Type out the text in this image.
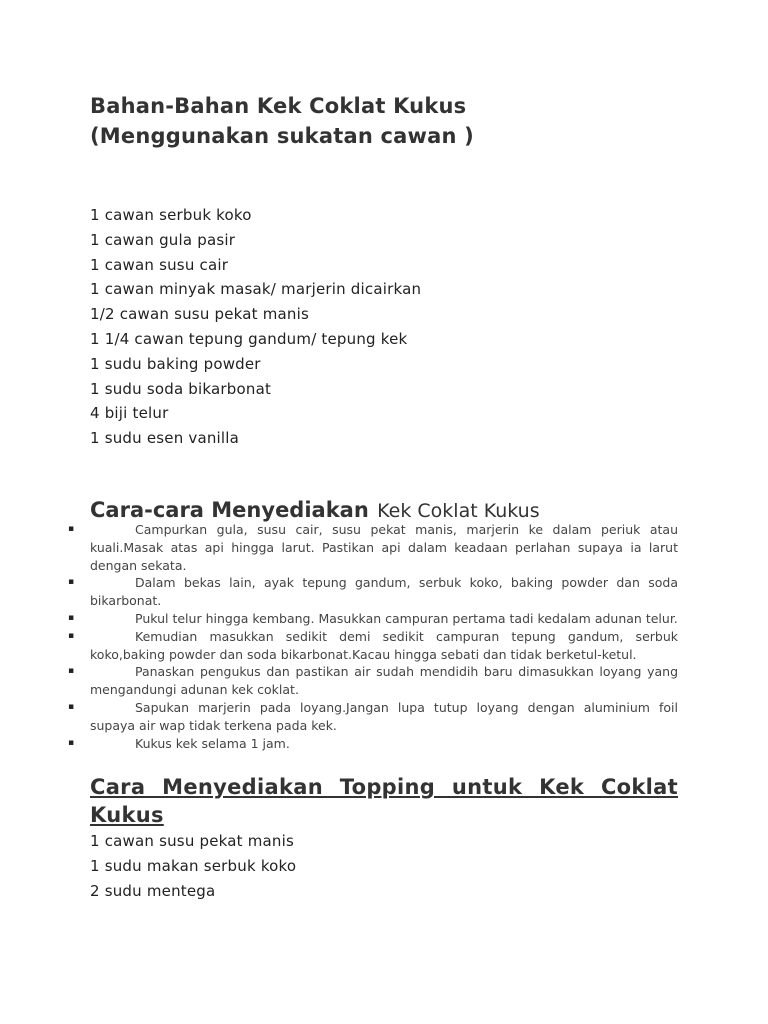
Bahan-Bahan Kek Coklat Kukus
(Menggunakan sukatan cawan )
1 cawan serbuk koko
1 cawan gula pasir
1 cawan susu cair
1 cawan minyak masak/ marjerin dicairkan
1/2 cawan susu pekat manis
1 1/4 cawan tepung gandum/ tepung kek
1 sudu baking powder
1 sudu soda bikarbonat
4 biji telur
1 sudu esen vanilla
Cara-cara Menyediakan Kek Coklat Kukus
▪	Campurkan gula, susu cair, susu pekat manis, marjerin ke dalam periuk atau kuali.Masak atas api hingga larut. Pastikan api dalam keadaan perlahan supaya ia larut dengan sekata.
▪	Dalam bekas lain, ayak tepung gandum, serbuk koko, baking powder dan soda bikarbonat.
▪	Pukul telur hingga kembang. Masukkan campuran pertama tadi kedalam adunan telur.
▪	Kemudian masukkan sedikit demi sedikit campuran tepung gandum, serbuk koko,baking powder dan soda bikarbonat.Kacau hingga sebati dan tidak berketul-ketul.
▪	Panaskan pengukus dan pastikan air sudah mendidih baru dimasukkan loyang yang mengandungi adunan kek coklat.
▪	Sapukan marjerin pada loyang.Jangan lupa tutup loyang dengan aluminium foil supaya air wap tidak terkena pada kek.
▪	Kukus kek selama 1 jam.
Cara Menyediakan Topping untuk Kek Coklat Kukus
1 cawan susu pekat manis
1 sudu makan serbuk koko
2 sudu mentega
